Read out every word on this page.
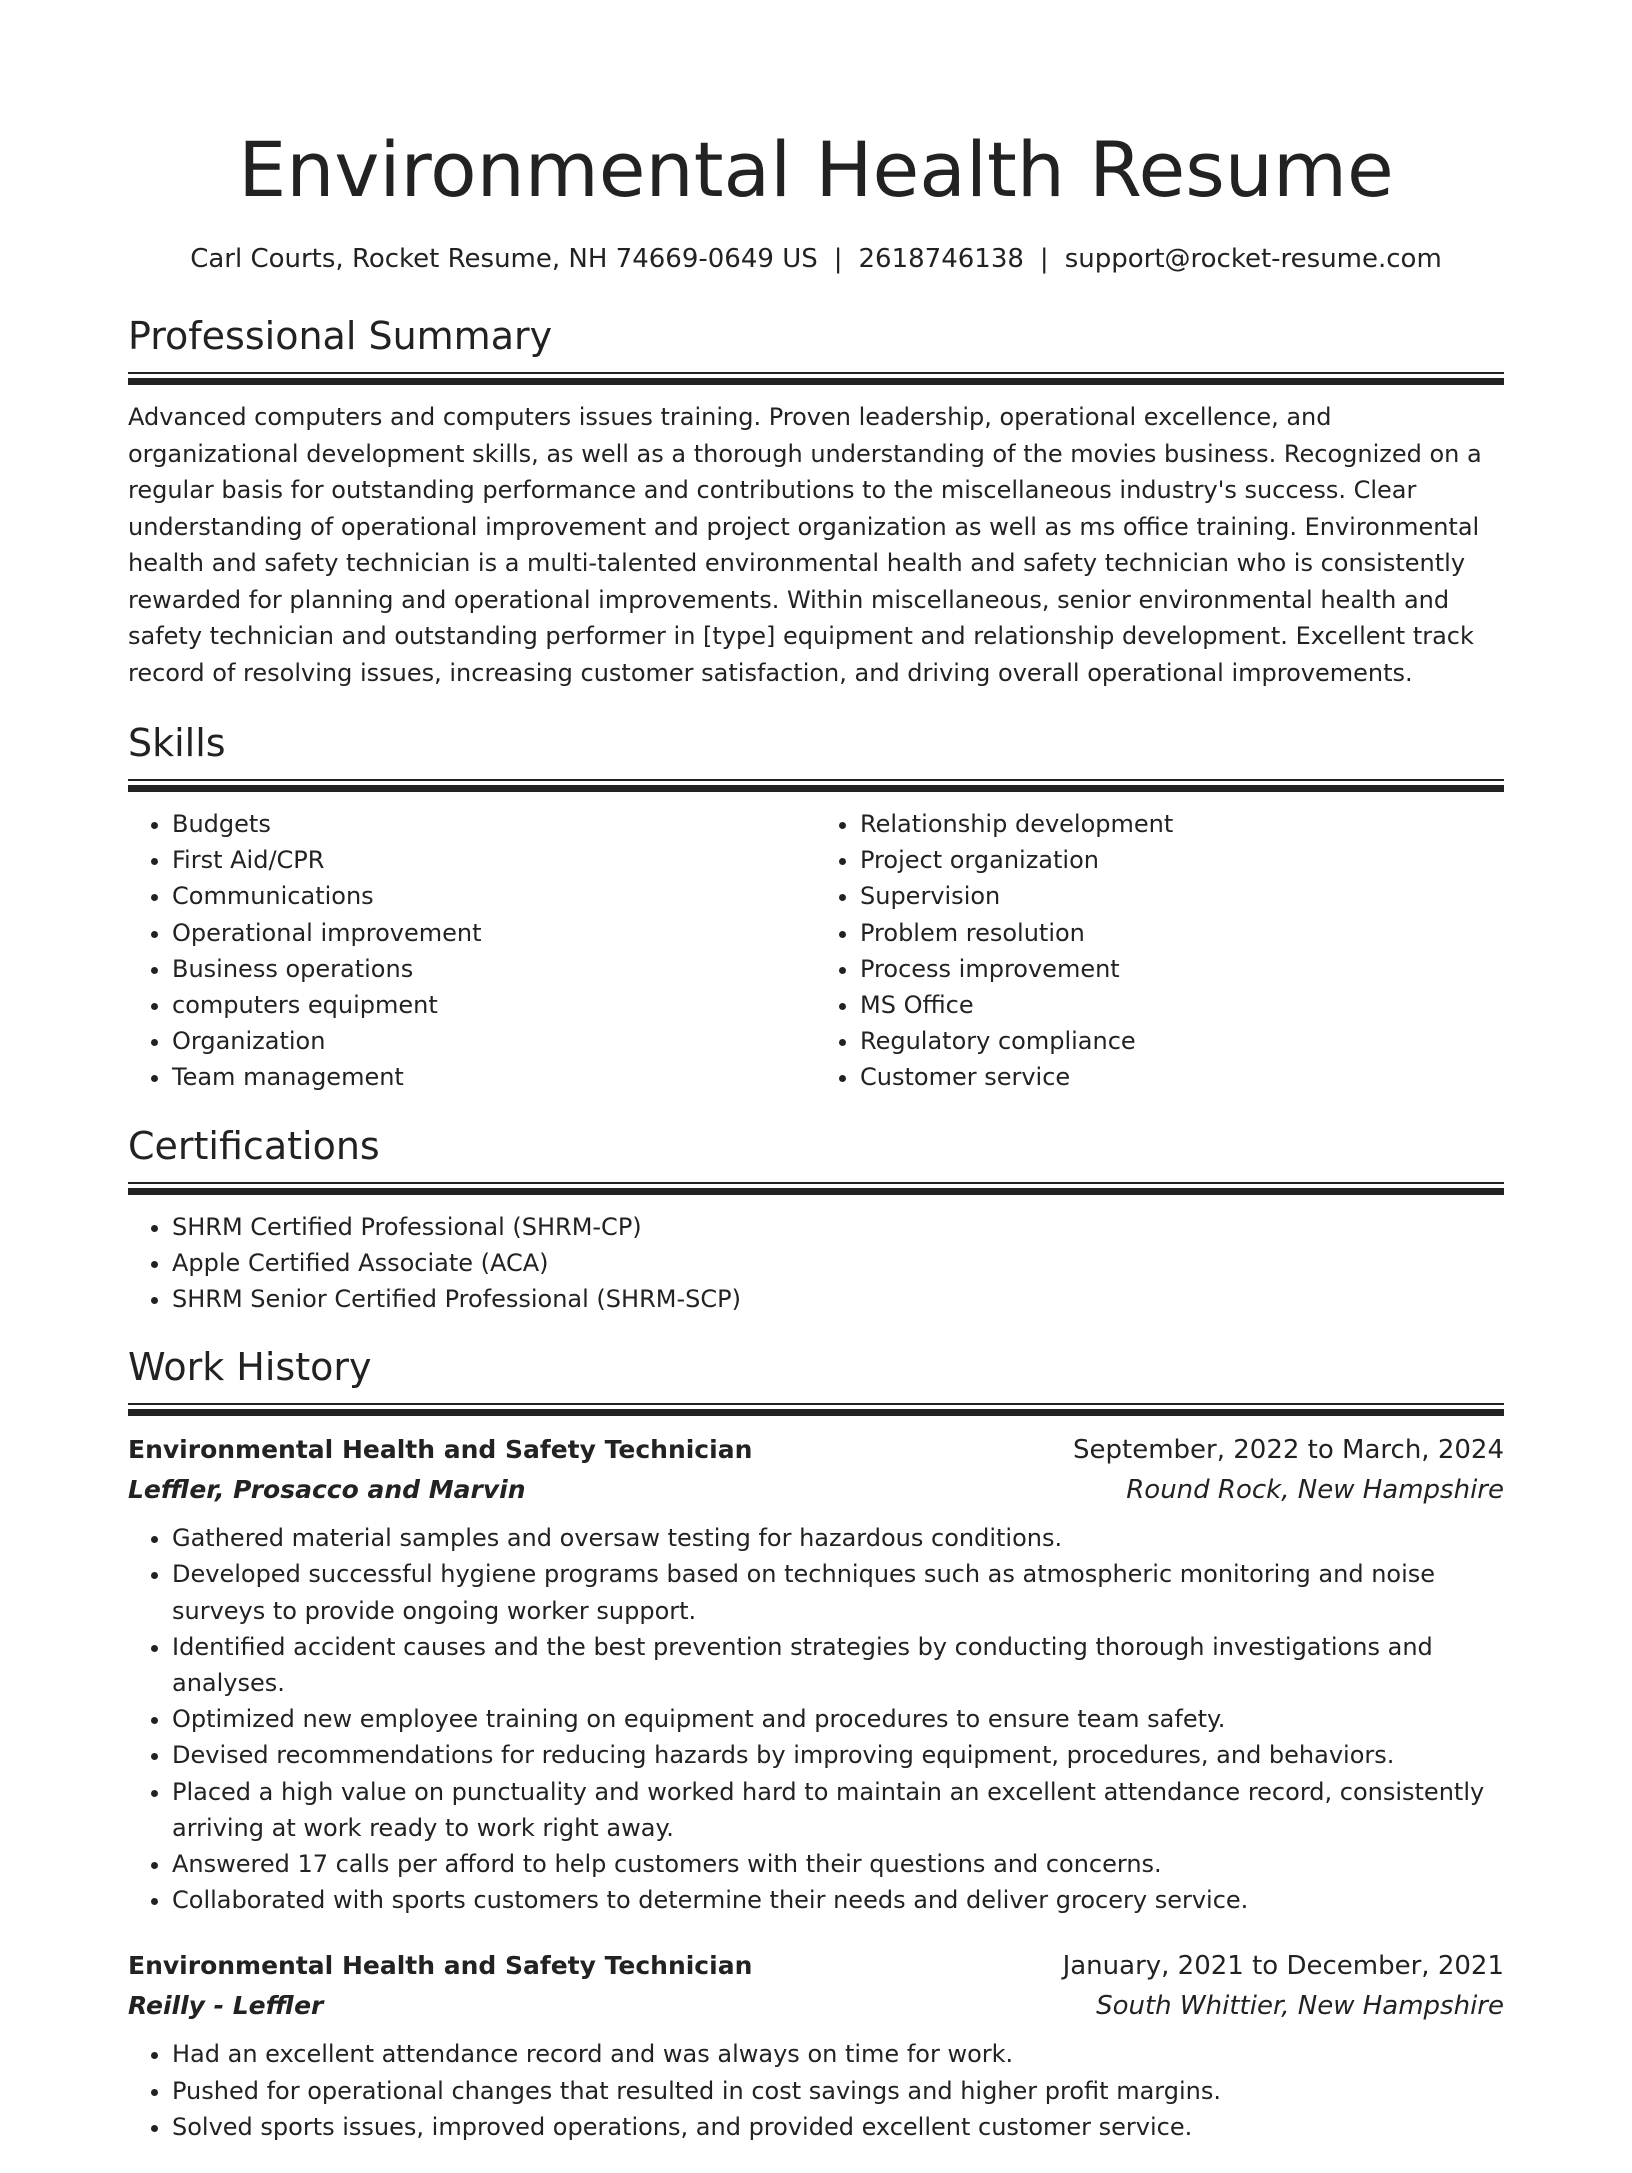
Environmental Health Resume
Carl Courts, Rocket Resume, NH 74669-0649 US | 2618746138 | support@rocket-resume.com
Professional Summary

Advanced computers and computers issues training. Proven leadership, operational excellence, and organizational development skills, as well as a thorough understanding of the movies business. Recognized on a regular basis for outstanding performance and contributions to the miscellaneous industry's success. Clear understanding of operational improvement and project organization as well as ms office training. Environmental health and safety technician is a multi-talented environmental health and safety technician who is consistently rewarded for planning and operational improvements. Within miscellaneous, senior environmental health and safety technician and outstanding performer in [type] equipment and relationship development. Excellent track record of resolving issues, increasing customer satisfaction, and driving overall operational improvements.

Skills
• Budgets
• First Aid/CPR
• Communications
• Operational improvement
• Business operations
• computers equipment
• Organization
• Team management
• Relationship development
• Project organization
• Supervision
• Problem resolution
• Process improvement
• MS Office
• Regulatory compliance
• Customer service
Certifications
• SHRM Certified Professional (SHRM-CP)
• Apple Certified Associate (ACA)
• SHRM Senior Certified Professional (SHRM-SCP)
Work History
Environmental Health and Safety Technician	September, 2022 to March, 2024
Leffler, Prosacco and Marvin	Round Rock, New Hampshire
• Gathered material samples and oversaw testing for hazardous conditions.
• Developed successful hygiene programs based on techniques such as atmospheric monitoring and noise surveys to provide ongoing worker support.
• Identified accident causes and the best prevention strategies by conducting thorough investigations and analyses.
• Optimized new employee training on equipment and procedures to ensure team safety.
• Devised recommendations for reducing hazards by improving equipment, procedures, and behaviors.
• Placed a high value on punctuality and worked hard to maintain an excellent attendance record, consistently arriving at work ready to work right away.
• Answered 17 calls per afford to help customers with their questions and concerns.
• Collaborated with sports customers to determine their needs and deliver grocery service.
Environmental Health and Safety Technician	January, 2021 to December, 2021
Reilly - Leffler	South Whittier, New Hampshire
• Had an excellent attendance record and was always on time for work.
• Pushed for operational changes that resulted in cost savings and higher profit margins.
• Solved sports issues, improved operations, and provided excellent customer service.
